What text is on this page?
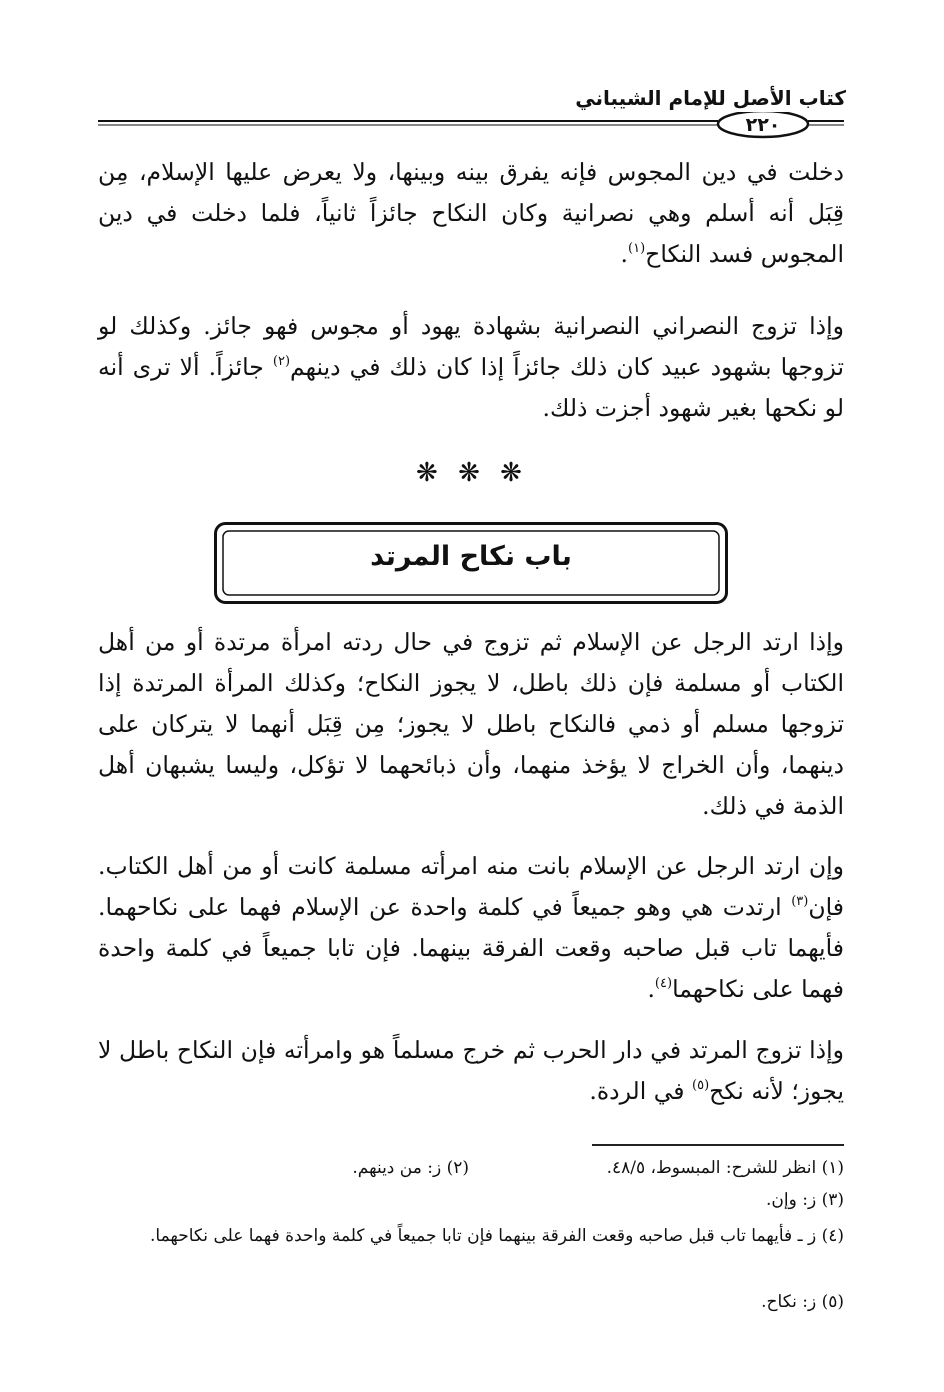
كتاب الأصل للإمام الشيباني
٢٢٠

دخلت في دين المجوس فإنه يفرق بينه وبينها، ولا يعرض عليها الإسلام، مِن قِبَل أنه أسلم وهي نصرانية وكان النكاح جائزاً ثانياً، فلما دخلت في دين المجوس فسد النكاح$^{(١)}$.

وإذا تزوج النصراني النصرانية بشهادة يهود أو مجوس فهو جائز. وكذلك لو تزوجها بشهود عبيد كان ذلك جائزاً إذا كان ذلك في دينهم$^{(٢)}$ جائزاً. ألا ترى أنه لو نكحها بغير شهود أجزت ذلك.

❋ ❋ ❋
باب نكاح المرتد

وإذا ارتد الرجل عن الإسلام ثم تزوج في حال ردته امرأة مرتدة أو من أهل الكتاب أو مسلمة فإن ذلك باطل، لا يجوز النكاح؛ وكذلك المرأة المرتدة إذا تزوجها مسلم أو ذمي فالنكاح باطل لا يجوز؛ مِن قِبَل أنهما لا يتركان على دينهما، وأن الخراج لا يؤخذ منهما، وأن ذبائحهما لا تؤكل، وليسا يشبهان أهل الذمة في ذلك.

وإن ارتد الرجل عن الإسلام بانت منه امرأته مسلمة كانت أو من أهل الكتاب. فإن$^{(٣)}$ ارتدت هي وهو جميعاً في كلمة واحدة عن الإسلام فهما على نكاحهما. فأيهما تاب قبل صاحبه وقعت الفرقة بينهما. فإن تابا جميعاً في كلمة واحدة فهما على نكاحهما$^{(٤)}$.

وإذا تزوج المرتد في دار الحرب ثم خرج مسلماً هو وامرأته فإن النكاح باطل لا يجوز؛ لأنه نكح$^{(٥)}$ في الردة.

(١) انظر للشرح: المبسوط، ٤٨/٥.
(٢) ز: من دينهم.
(٣) ز: وإن.

(٤) ز ـ فأيهما تاب قبل صاحبه وقعت الفرقة بينهما فإن تابا جميعاً في كلمة واحدة فهما على نكاحهما.

(٥) ز: نكاح.
